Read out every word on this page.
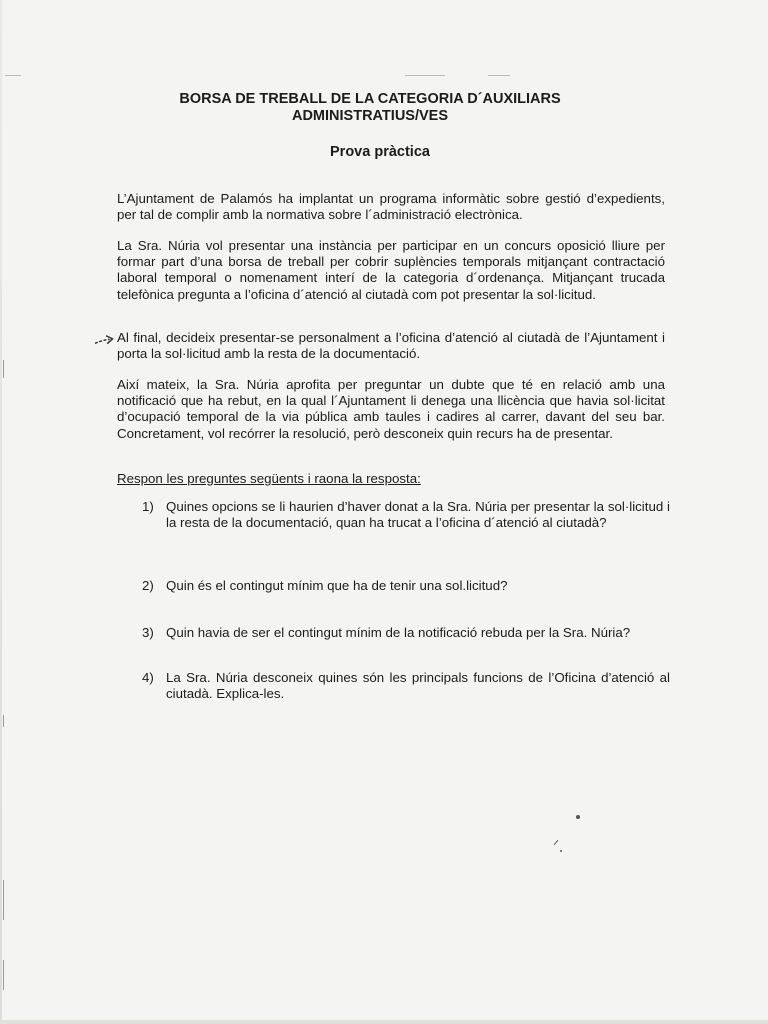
BORSA DE TREBALL DE LA CATEGORIA D´AUXILIARS
ADMINISTRATIUS/VES
Prova pràctica
L’Ajuntament de Palamós ha implantat un programa informàtic sobre gestió d’expedients, per tal de complir amb la normativa sobre l´administració electrònica.
La Sra. Núria vol presentar una instància per participar en un concurs oposició lliure per formar part d’una borsa de treball per cobrir suplències temporals mitjançant contractació laboral temporal o nomenament interí de la categoria d´ordenança. Mitjançant trucada telefònica pregunta a l’oficina d´atenció al ciutadà com pot presentar la sol·licitud.
Al final, decideix presentar-se personalment a l’oficina d’atenció al ciutadà de l’Ajuntament i porta la sol·licitud amb la resta de la documentació.
Així mateix, la Sra. Núria aprofita per preguntar un dubte que té en relació amb una notificació que ha rebut, en la qual l´Ajuntament li denega una llicència que havia sol·licitat d’ocupació temporal de la via pública amb taules i cadires al carrer, davant del seu bar. Concretament, vol recórrer la resolució, però desconeix quin recurs ha de presentar.
Respon les preguntes següents i raona la resposta:
1) Quines opcions se li haurien d’haver donat a la Sra. Núria per presentar la sol·licitud i la resta de la documentació, quan ha trucat a l’oficina d´atenció al ciutadà?
2) Quin és el contingut mínim que ha de tenir una sol.licitud?
3) Quin havia de ser el contingut mínim de la notificació rebuda per la Sra. Núria?
4) La Sra. Núria desconeix quines són les principals funcions de l’Oficina d’atenció al ciutadà. Explica-les.
